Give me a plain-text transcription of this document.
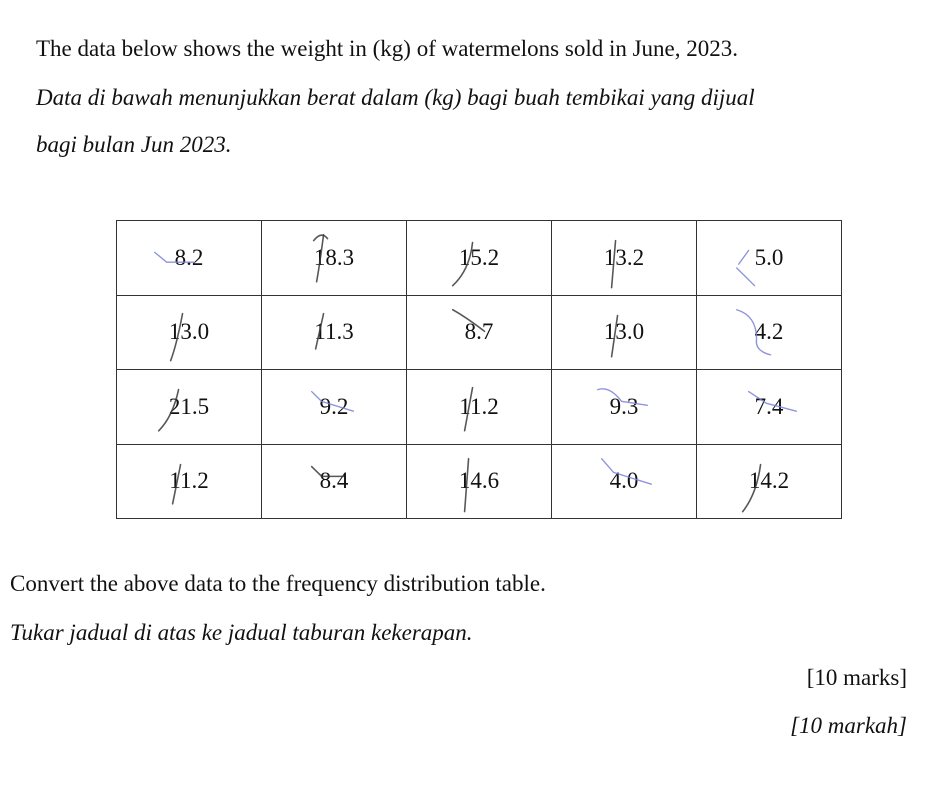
The data below shows the weight in (kg) of watermelons sold in June, 2023.
Data di bawah menunjukkan berat dalam (kg) bagi buah tembikai yang dijual
bagi bulan Jun 2023.
8.2	18.3	15.2	13.2	5.0

13.0	11.3	8.7	13.0	4.2

21.5	9.2	11.2	9.3	7.4

11.2	8.4	14.6	4.0	14.2
Convert the above data to the frequency distribution table.
Tukar jadual di atas ke jadual taburan kekerapan.
[10 marks]
[10 markah]
